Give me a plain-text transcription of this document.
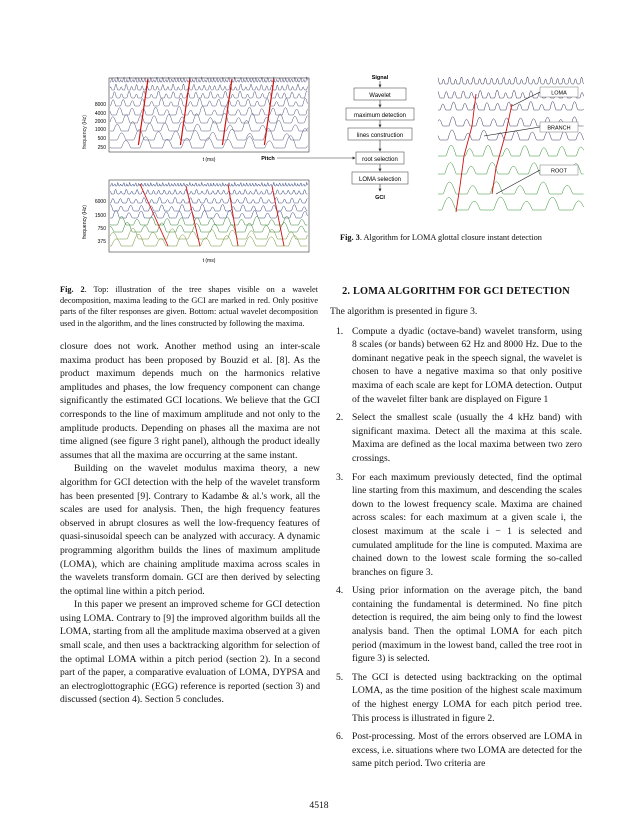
frequency (Hz)
8000
4000
2000
1000
500
250
t (ms)
frequency (Hz)
6000
1500
750
375
t (ms)
Fig. 2. Top: illustration of the tree shapes visible on a wavelet decomposition, maxima leading to the GCI are marked in red. Only positive parts of the filter responses are given. Bottom: actual wavelet decomposition used in the algorithm, and the lines constructed by following the maxima.
Signal
Wavelet
maximum detection
lines construction
Pitch	root selection
LOMA selection
GCI
LOMA
BRANCH
ROOT
Fig. 3. Algorithm for LOMA glottal closure instant detection

closure does not work. Another method using an inter-scale maxima product has been proposed by Bouzid et al. [8]. As the product maximum depends much on the harmonics relative amplitudes and phases, the low frequency component can change significantly the estimated GCI locations. We believe that the GCI corresponds to the line of maximum amplitude and not only to the amplitude products. Depending on phases all the maxima are not time aligned (see figure 3 right panel), although the product ideally assumes that all the maxima are occurring at the same instant.

Building on the wavelet modulus maxima theory, a new algorithm for GCI detection with the help of the wavelet transform has been presented [9]. Contrary to Kadambe & al.'s work, all the scales are used for analysis. Then, the high frequency features observed in abrupt closures as well the low-frequency features of quasi-sinusoidal speech can be analyzed with accuracy. A dynamic programming algorithm builds the lines of maximum amplitude (LOMA), which are chaining amplitude maxima across scales in the wavelets transform domain. GCI are then derived by selecting the optimal line within a pitch period.

In this paper we present an improved scheme for GCI detection using LOMA. Contrary to [9] the improved algorithm builds all the LOMA, starting from all the amplitude maxima observed at a given small scale, and then uses a backtracking algorithm for selection of the optimal LOMA within a pitch period (section 2). In a second part of the paper, a comparative evaluation of LOMA, DYPSA and an electroglottographic (EGG) reference is reported (section 3) and discussed (section 4). Section 5 concludes.

2. LOMA ALGORITHM FOR GCI DETECTION

The algorithm is presented in figure 3.

1. Compute a dyadic (octave-band) wavelet transform, using 8 scales (or bands) between 62 Hz and 8000 Hz. Due to the dominant negative peak in the speech signal, the wavelet is chosen to have a negative maxima so that only positive maxima of each scale are kept for LOMA detection. Output of the wavelet filter bank are displayed on Figure 1
2. Select the smallest scale (usually the 4 kHz band) with significant maxima. Detect all the maxima at this scale. Maxima are defined as the local maxima between two zero crossings.
3. For each maximum previously detected, find the optimal line starting from this maximum, and descending the scales down to the lowest frequency scale. Maxima are chained across scales: for each maximum at a given scale i, the closest maximum at the scale i − 1 is selected and cumulated amplitude for the line is computed. Maxima are chained down to the lowest scale forming the so-called branches on figure 3.
4. Using prior information on the average pitch, the band containing the fundamental is determined. No fine pitch detection is required, the aim being only to find the lowest analysis band. Then the optimal LOMA for each pitch period (maximum in the lowest band, called the tree root in figure 3) is selected.
5. The GCI is detected using backtracking on the optimal LOMA, as the time position of the highest scale maximum of the highest energy LOMA for each pitch period tree. This process is illustrated in figure 2.
6. Post-processing. Most of the errors observed are LOMA in excess, i.e. situations where two LOMA are detected for the same pitch period. Two criteria are
4518
